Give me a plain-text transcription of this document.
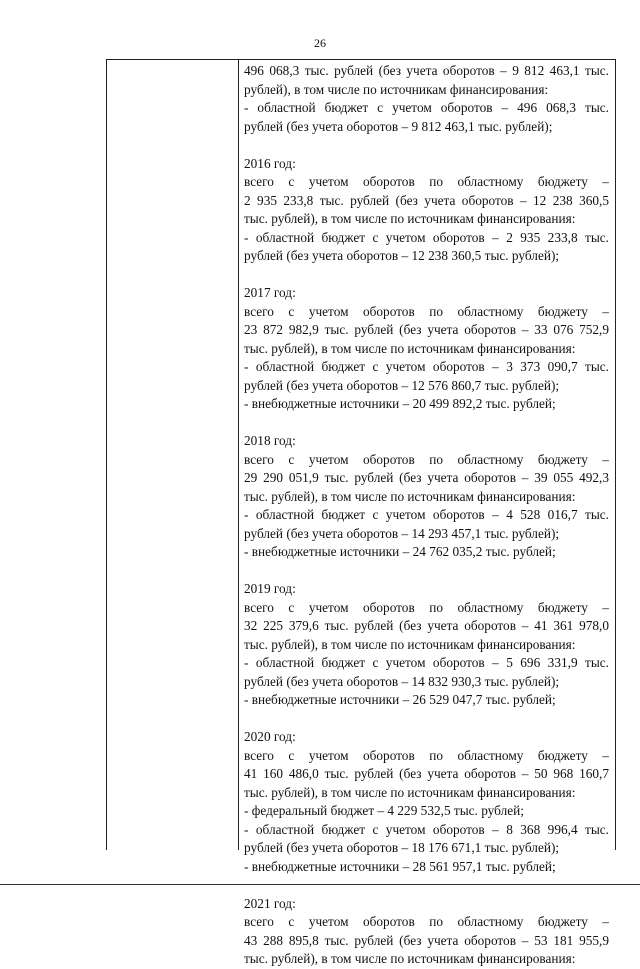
26
496 068,3 тыс. рублей (без учета оборотов – 9 812 463,1 тыс.
рублей), в том числе по источникам финансирования:
- областной бюджет с учетом оборотов – 496 068,3 тыс.
рублей (без учета оборотов – 9 812 463,1 тыс. рублей);
2016 год:
всего с учетом оборотов по областному бюджету –
2 935 233,8 тыс. рублей (без учета оборотов – 12 238 360,5
тыс. рублей), в том числе по источникам финансирования:
- областной бюджет с учетом оборотов – 2 935 233,8 тыс.
рублей (без учета оборотов – 12 238 360,5 тыс. рублей);
2017 год:
всего с учетом оборотов по областному бюджету –
23 872 982,9 тыс. рублей (без учета оборотов – 33 076 752,9
тыс. рублей), в том числе по источникам финансирования:
- областной бюджет с учетом оборотов – 3 373 090,7 тыс.
рублей (без учета оборотов – 12 576 860,7 тыс. рублей);
- внебюджетные источники – 20 499 892,2 тыс. рублей;
2018 год:
всего с учетом оборотов по областному бюджету –
29 290 051,9 тыс. рублей (без учета оборотов – 39 055 492,3
тыс. рублей), в том числе по источникам финансирования:
- областной бюджет с учетом оборотов – 4 528 016,7 тыс.
рублей (без учета оборотов – 14 293 457,1 тыс. рублей);
- внебюджетные источники – 24 762 035,2 тыс. рублей;
2019 год:
всего с учетом оборотов по областному бюджету –
32 225 379,6 тыс. рублей (без учета оборотов – 41 361 978,0
тыс. рублей), в том числе по источникам финансирования:
- областной бюджет с учетом оборотов – 5 696 331,9 тыс.
рублей (без учета оборотов – 14 832 930,3 тыс. рублей);
- внебюджетные источники – 26 529 047,7 тыс. рублей;
2020 год:
всего с учетом оборотов по областному бюджету –
41 160 486,0 тыс. рублей (без учета оборотов – 50 968 160,7
тыс. рублей), в том числе по источникам финансирования:
- федеральный бюджет – 4 229 532,5 тыс. рублей;
- областной бюджет с учетом оборотов – 8 368 996,4 тыс.
рублей (без учета оборотов – 18 176 671,1 тыс. рублей);
- внебюджетные источники – 28 561 957,1 тыс. рублей;
2021 год:
всего с учетом оборотов по областному бюджету –
43 288 895,8 тыс. рублей (без учета оборотов – 53 181 955,9
тыс. рублей), в том числе по источникам финансирования:
